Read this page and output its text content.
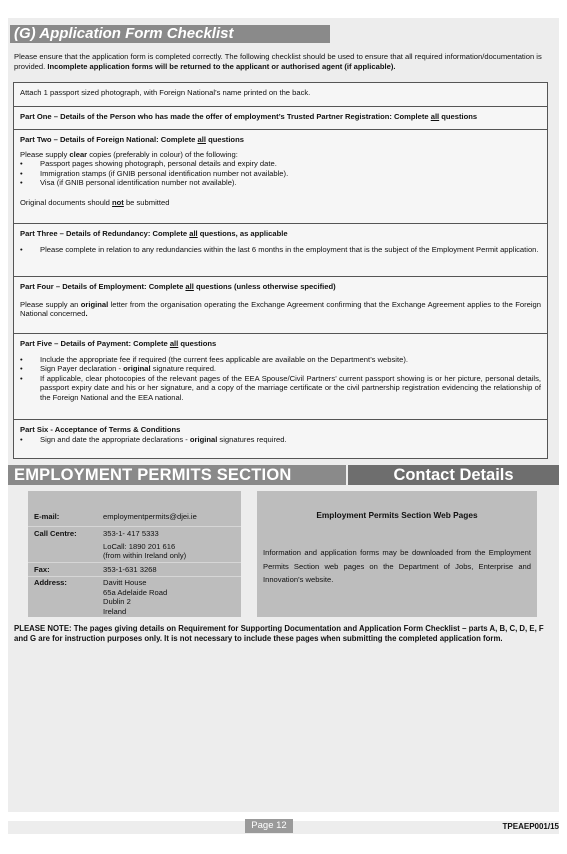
(G) Application Form Checklist
Please ensure that the application form is completed correctly. The following checklist should be used to ensure that all required information/documentation is provided. Incomplete application forms will be returned to the applicant or authorised agent (if applicable).
Attach 1 passport sized photograph, with Foreign National’s name printed on the back.
Part One – Details of the Person who has made the offer of employment’s Trusted Partner Registration: Complete all questions
Part Two – Details of Foreign National: Complete all questions
Please supply clear copies (preferably in colour) of the following:
• Passport pages showing photograph, personal details and expiry date.
• Immigration stamps (if GNIB personal identification number not available).
• Visa (if GNIB personal identification number not available).
Original documents should not be submitted
Part Three – Details of Redundancy: Complete all questions, as applicable
• Please complete in relation to any redundancies within the last 6 months in the employment that is the subject of the Employment Permit application.
Part Four – Details of Employment: Complete all questions (unless otherwise specified)
Please supply an original letter from the organisation operating the Exchange Agreement confirming that the Exchange Agreement applies to the Foreign National concerned.
Part Five – Details of Payment: Complete all questions
• Include the appropriate fee if required (the current fees applicable are available on the Department’s website).
• Sign Payer declaration - original signature required.
• If applicable, clear photocopies of the relevant pages of the EEA Spouse/Civil Partners’ current passport showing is or her picture, personal details, passport expiry date and his or her signature, and a copy of the marriage certificate or the civil partnership registration evidencing the relationship of the Foreign National and the EEA national.
Part Six - Acceptance of Terms & Conditions
• Sign and date the appropriate declarations - original signatures required.
EMPLOYMENT PERMITS SECTION	Contact Details
E-mail:	employmentpermits@djei.ie
Call Centre:	353-1- 417 5333
LoCall: 1890 201 616
(from within Ireland only)
Fax:	353-1-631 3268
Address:	Davitt House
65a Adelaide Road
Dublin 2
Ireland
Employment Permits Section Web Pages
Information and application forms may be downloaded from the Employment Permits Section web pages on the Department of Jobs, Enterprise and Innovation’s website.
PLEASE NOTE: The pages giving details on Requirement for Supporting Documentation and Application Form Checklist – parts A, B, C, D, E, F and G are for instruction purposes only. It is not necessary to include these pages when submitting the completed application form.
Page 12	TPEAEP001/15
